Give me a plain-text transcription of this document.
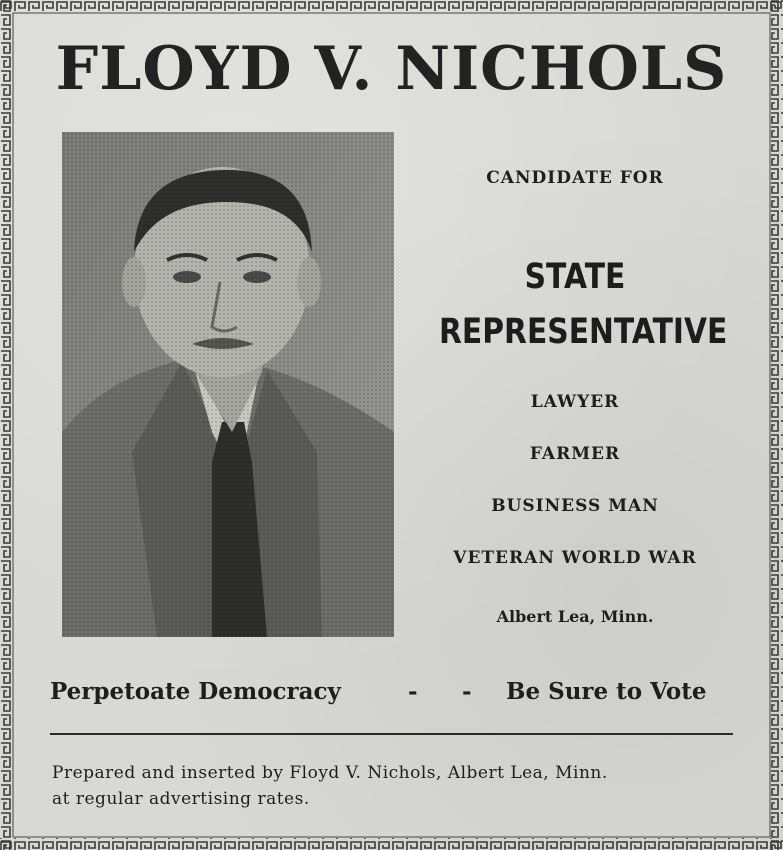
FLOYD V. NICHOLS
CANDIDATE FOR
STATE
REPRESENTATIVE
LAWYER
FARMER
BUSINESS MAN
VETERAN WORLD WAR
Albert Lea, Minn.
Perpetoate Democracy	- - Be Sure to Vote
Prepared and inserted by Floyd V. Nichols, Albert Lea, Minn.
at regular advertising rates.
